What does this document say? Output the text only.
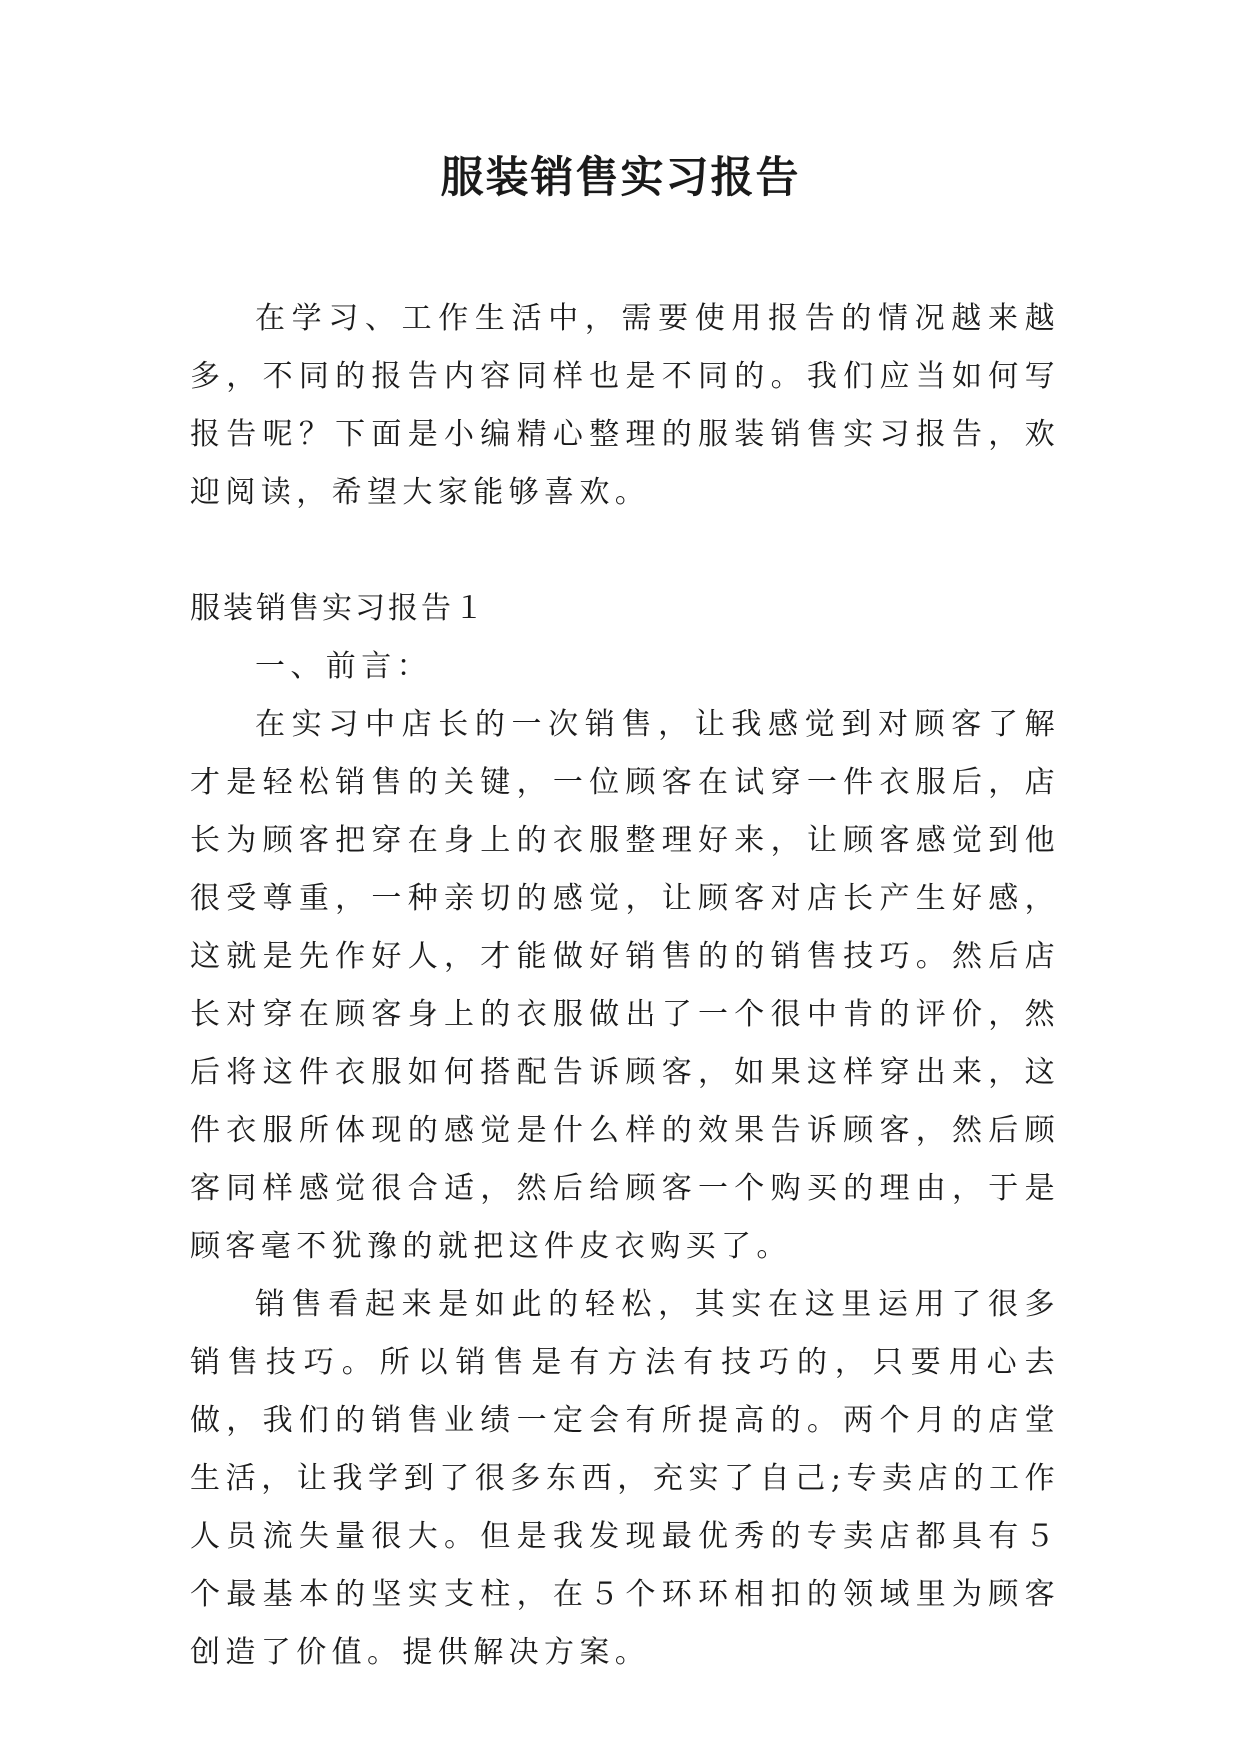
服装销售实习报告

在学习、工作生活中，需要使用报告的情况越来越多，不同的报告内容同样也是不同的。我们应当如何写报告呢？下面是小编精心整理的服装销售实习报告，欢迎阅读，希望大家能够喜欢。

服装销售实习报告１

一、前言：

在实习中店长的一次销售，让我感觉到对顾客了解才是轻松销售的关键，一位顾客在试穿一件衣服后，店长为顾客把穿在身上的衣服整理好来，让顾客感觉到他很受尊重，一种亲切的感觉，让顾客对店长产生好感，这就是先作好人，才能做好销售的的销售技巧。然后店长对穿在顾客身上的衣服做出了一个很中肯的评价，然后将这件衣服如何搭配告诉顾客，如果这样穿出来，这件衣服所体现的感觉是什么样的效果告诉顾客，然后顾客同样感觉很合适，然后给顾客一个购买的理由，于是顾客毫不犹豫的就把这件皮衣购买了。

销售看起来是如此的轻松，其实在这里运用了很多销售技巧。所以销售是有方法有技巧的，只要用心去做，我们的销售业绩一定会有所提高的。两个月的店堂生活，让我学到了很多东西，充实了自己;专卖店的工作人员流失量很大。但是我发现最优秀的专卖店都具有５个最基本的坚实支柱，在５个环环相扣的领域里为顾客创造了价值。提供解决方案。
